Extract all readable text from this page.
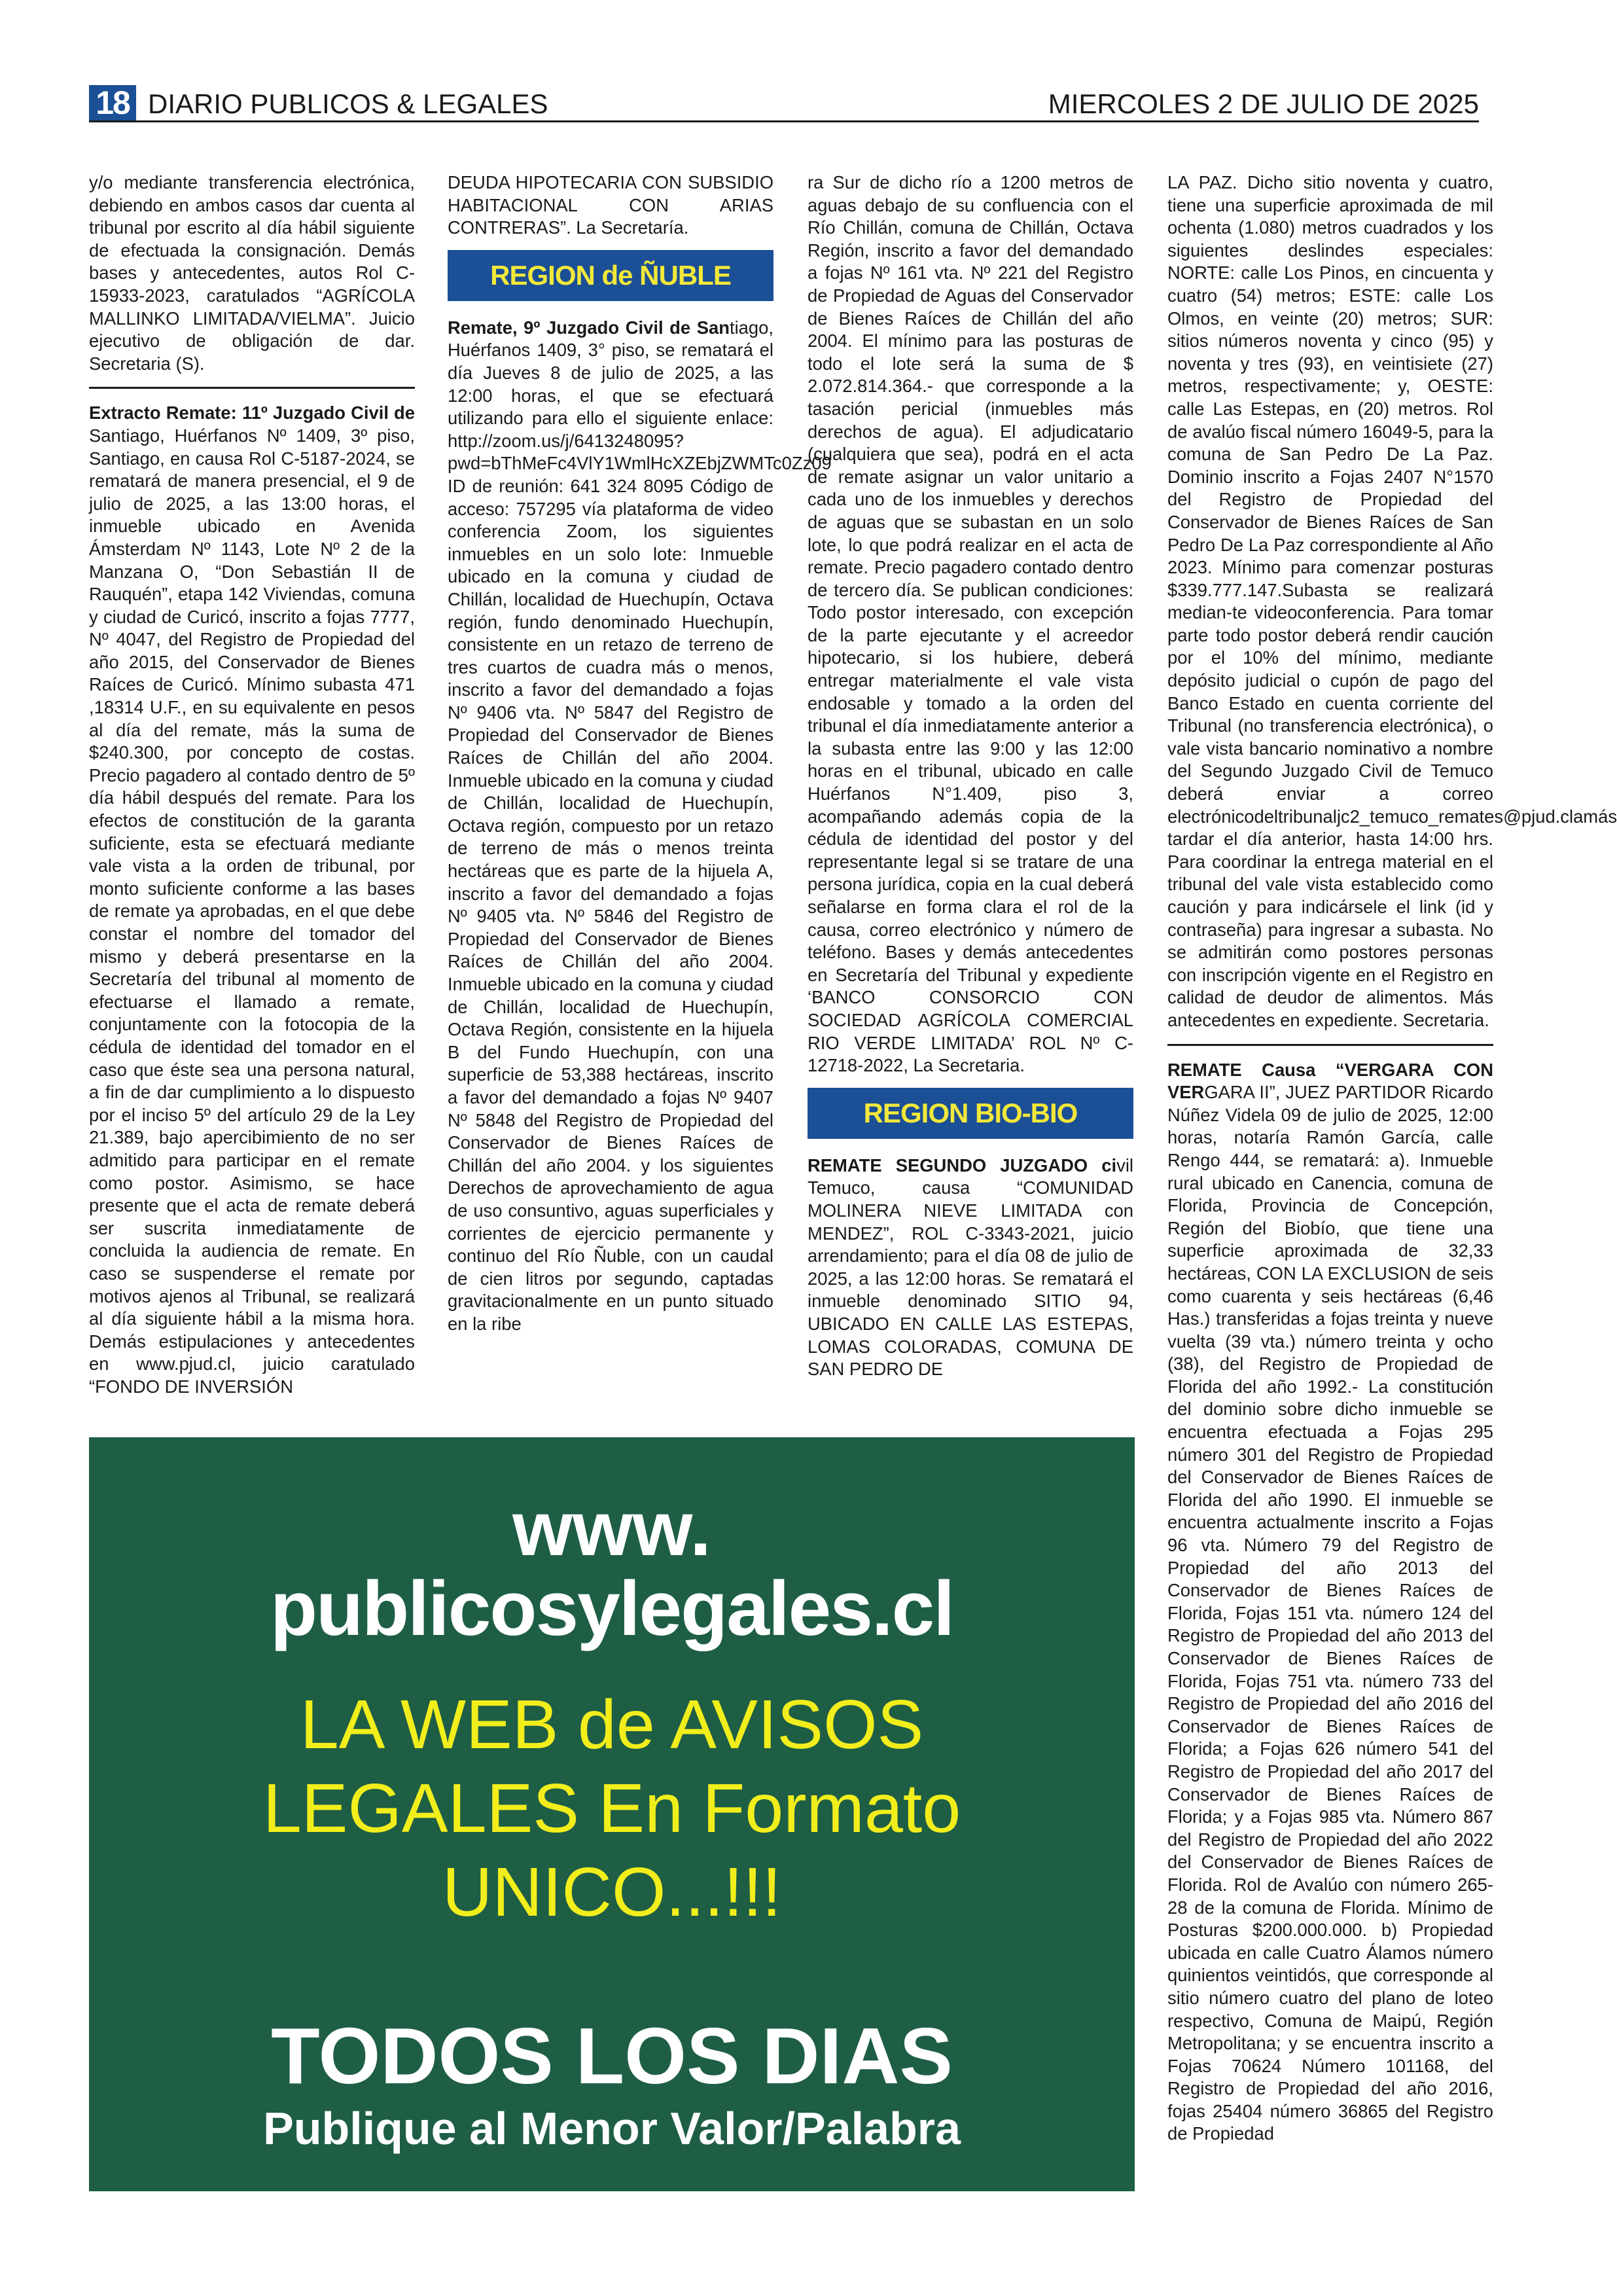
18 DIARIO PUBLICOS & LEGALES	MIERCOLES 2 DE JULIO DE 2025

y/o mediante transferencia electrónica, debiendo en ambos casos dar cuenta al tribunal por escrito al día hábil siguiente de efectuada la consignación. Demás bases y antecedentes, autos Rol C-15933-2023, caratulados “AGRÍCOLA MALLINKO LIMITADA/VIELMA”. Juicio ejecutivo de obligación de dar. Secretaria (S).

Extracto Remate: 11º Juzgado Civil de Santiago, Huérfanos Nº 1409, 3º piso, Santiago, en causa Rol C-5187-2024, se rematará de manera presencial, el 9 de julio de 2025, a las 13:00 horas, el inmueble ubicado en Avenida Ámsterdam Nº 1143, Lote Nº 2 de la Manzana O, “Don Sebastián II de Rauquén”, etapa 142 Viviendas, comuna y ciudad de Curicó, inscrito a fojas 7777, Nº 4047, del Registro de Propiedad del año 2015, del Conservador de Bienes Raíces de Curicó. Mínimo subasta 471 ,18314 U.F., en su equivalente en pesos al día del remate, más la suma de $240.300, por concepto de costas. Precio pagadero al contado dentro de 5º día hábil después del remate. Para los efectos de constitución de la garanta suficiente, esta se efectuará mediante vale vista a la orden de tribunal, por monto suficiente conforme a las bases de remate ya aprobadas, en el que debe constar el nombre del tomador del mismo y deberá presentarse en la Secretaría del tribunal al momento de efectuarse el llamado a remate, conjuntamente con la fotocopia de la cédula de identidad del tomador en el caso que éste sea una persona natural, a fin de dar cumplimiento a lo dispuesto por el inciso 5º del artículo 29 de la Ley 21.389, bajo apercibimiento de no ser admitido para participar en el remate como postor. Asimismo, se hace presente que el acta de remate deberá ser suscrita inmediatamente de concluida la audiencia de remate. En caso se suspenderse el remate por motivos ajenos al Tribunal, se realizará al día siguiente hábil a la misma hora. Demás estipulaciones y antecedentes en www.pjud.cl, juicio caratulado “FONDO DE INVERSIÓN

DEUDA HIPOTECARIA CON SUBSIDIO HABITACIONAL CON ARIAS CONTRERAS”. La Secretaría.

REGION de ÑUBLE

Remate, 9º Juzgado Civil de Santiago, Huérfanos 1409, 3° piso, se rematará el día Jueves 8 de julio de 2025, a las 12:00 horas, el que se efectuará utilizando para ello el siguiente enlace: http://zoom.us/j/6413248095?pwd=bThMeFc4VlY1WmlHcXZEbjZWMTc0Zz09 ID de reunión: 641 324 8095 Código de acceso: 757295 vía plataforma de video conferencia Zoom, los siguientes inmuebles en un solo lote: Inmueble ubicado en la comuna y ciudad de Chillán, localidad de Huechupín, Octava región, fundo denominado Huechupín, consistente en un retazo de terreno de tres cuartos de cuadra más o menos, inscrito a favor del demandado a fojas Nº 9406 vta. Nº 5847 del Registro de Propiedad del Conservador de Bienes Raíces de Chillán del año 2004. Inmueble ubicado en la comuna y ciudad de Chillán, localidad de Huechupín, Octava región, compuesto por un retazo de terreno de más o menos treinta hectáreas que es parte de la hijuela A, inscrito a favor del demandado a fojas Nº 9405 vta. Nº 5846 del Registro de Propiedad del Conservador de Bienes Raíces de Chillán del año 2004. Inmueble ubicado en la comuna y ciudad de Chillán, localidad de Huechupín, Octava Región, consistente en la hijuela B del Fundo Huechupín, con una superficie de 53,388 hectáreas, inscrito a favor del demandado a fojas Nº 9407 Nº 5848 del Registro de Propiedad del Conservador de Bienes Raíces de Chillán del año 2004. y los siguientes Derechos de aprovechamiento de agua de uso consuntivo, aguas superficiales y corrientes de ejercicio permanente y continuo del Río Ñuble, con un caudal de cien litros por segundo, captadas gravitacionalmente en un punto situado en la ribe

ra Sur de dicho río a 1200 metros de aguas debajo de su confluencia con el Río Chillán, comuna de Chillán, Octava Región, inscrito a favor del demandado a fojas Nº 161 vta. Nº 221 del Registro de Propiedad de Aguas del Conservador de Bienes Raíces de Chillán del año 2004. El mínimo para las posturas de todo el lote será la suma de $ 2.072.814.364.- que corresponde a la tasación pericial (inmuebles más derechos de agua). El adjudicatario (cualquiera que sea), podrá en el acta de remate asignar un valor unitario a cada uno de los inmuebles y derechos de aguas que se subastan en un solo lote, lo que podrá realizar en el acta de remate. Precio pagadero contado dentro de tercero día. Se publican condiciones: Todo postor interesado, con excepción de la parte ejecutante y el acreedor hipotecario, si los hubiere, deberá entregar materialmente el vale vista endosable y tomado a la orden del tribunal el día inmediatamente anterior a la subasta entre las 9:00 y las 12:00 horas en el tribunal, ubicado en calle Huérfanos N°1.409, piso 3, acompañando además copia de la cédula de identidad del postor y del representante legal si se tratare de una persona jurídica, copia en la cual deberá señalarse en forma clara el rol de la causa, correo electrónico y número de teléfono. Bases y demás antecedentes en Secretaría del Tribunal y expediente ‘BANCO CONSORCIO CON SOCIEDAD AGRÍCOLA COMERCIAL RIO VERDE LIMITADA’ ROL Nº C-12718-2022, La Secretaria.

REGION BIO-BIO

REMATE SEGUNDO JUZGADO civil Temuco, causa “COMUNIDAD MOLINERA NIEVE LIMITADA con MENDEZ”, ROL C-3343-2021, juicio arrendamiento; para el día 08 de julio de 2025, a las 12:00 horas. Se rematará el inmueble denominado SITIO 94, UBICADO EN CALLE LAS ESTEPAS, LOMAS COLORADAS, COMUNA DE SAN PEDRO DE

LA PAZ. Dicho sitio noventa y cuatro, tiene una superficie aproximada de mil ochenta (1.080) metros cuadrados y los siguientes deslindes especiales: NORTE: calle Los Pinos, en cincuenta y cuatro (54) metros; ESTE: calle Los Olmos, en veinte (20) metros; SUR: sitios números noventa y cinco (95) y noventa y tres (93), en veintisiete (27) metros, respectivamente; y, OESTE: calle Las Estepas, en (20) metros. Rol de avalúo fiscal número 16049-5, para la comuna de San Pedro De La Paz. Dominio inscrito a Fojas 2407 N°1570 del Registro de Propiedad del Conservador de Bienes Raíces de San Pedro De La Paz correspondiente al Año 2023. Mínimo para comenzar posturas $339.777.147.Subasta se realizará median-te videoconferencia. Para tomar parte todo postor deberá rendir caución por el 10% del mínimo, mediante depósito judicial o cupón de pago del Banco Estado en cuenta corriente del Tribunal (no transferencia electrónica), o vale vista bancario nominativo a nombre del Segundo Juzgado Civil de Temuco deberá enviar a correo electrónicodeltribunaljc2_temuco_remates@pjud.clamás tardar el día anterior, hasta 14:00 hrs. Para coordinar la entrega material en el tribunal del vale vista establecido como caución y para indicársele el link (id y contraseña) para ingresar a subasta. No se admitirán como postores personas con inscripción vigente en el Registro en calidad de deudor de alimentos. Más antecedentes en expediente. Secretaria.

REMATE Causa “VERGARA CON VERGARA II”, JUEZ PARTIDOR Ricardo Núñez Videla 09 de julio de 2025, 12:00 horas, notaría Ramón García, calle Rengo 444, se rematará: a). Inmueble rural ubicado en Canencia, comuna de Florida, Provincia de Concepción, Región del Biobío, que tiene una superficie aproximada de 32,33 hectáreas, CON LA EXCLUSION de seis como cuarenta y seis hectáreas (6,46 Has.) transferidas a fojas treinta y nueve vuelta (39 vta.) número treinta y ocho (38), del Registro de Propiedad de Florida del año 1992.- La constitución del dominio sobre dicho inmueble se encuentra efectuada a Fojas 295 número 301 del Registro de Propiedad del Conservador de Bienes Raíces de Florida del año 1990. El inmueble se encuentra actualmente inscrito a Fojas 96 vta. Número 79 del Registro de Propiedad del año 2013 del Conservador de Bienes Raíces de Florida, Fojas 151 vta. número 124 del Registro de Propiedad del año 2013 del Conservador de Bienes Raíces de Florida, Fojas 751 vta. número 733 del Registro de Propiedad del año 2016 del Conservador de Bienes Raíces de Florida; a Fojas 626 número 541 del Registro de Propiedad del año 2017 del Conservador de Bienes Raíces de Florida; y a Fojas 985 vta. Número 867 del Registro de Propiedad del año 2022 del Conservador de Bienes Raíces de Florida. Rol de Avalúo con número 265-28 de la comuna de Florida. Mínimo de Posturas $200.000.000. b) Propiedad ubicada en calle Cuatro Álamos número quinientos veintidós, que corresponde al sitio número cuatro del plano de loteo respectivo, Comuna de Maipú, Región Metropolitana; y se encuentra inscrito a Fojas 70624 Número 101168, del Registro de Propiedad del año 2016, fojas 25404 número 36865 del Registro de Propiedad

www.
publicosylegales.cl
LA WEB de AVISOS
LEGALES En Formato
UNICO...!!!
TODOS LOS DIAS
Publique al Menor Valor/Palabra
